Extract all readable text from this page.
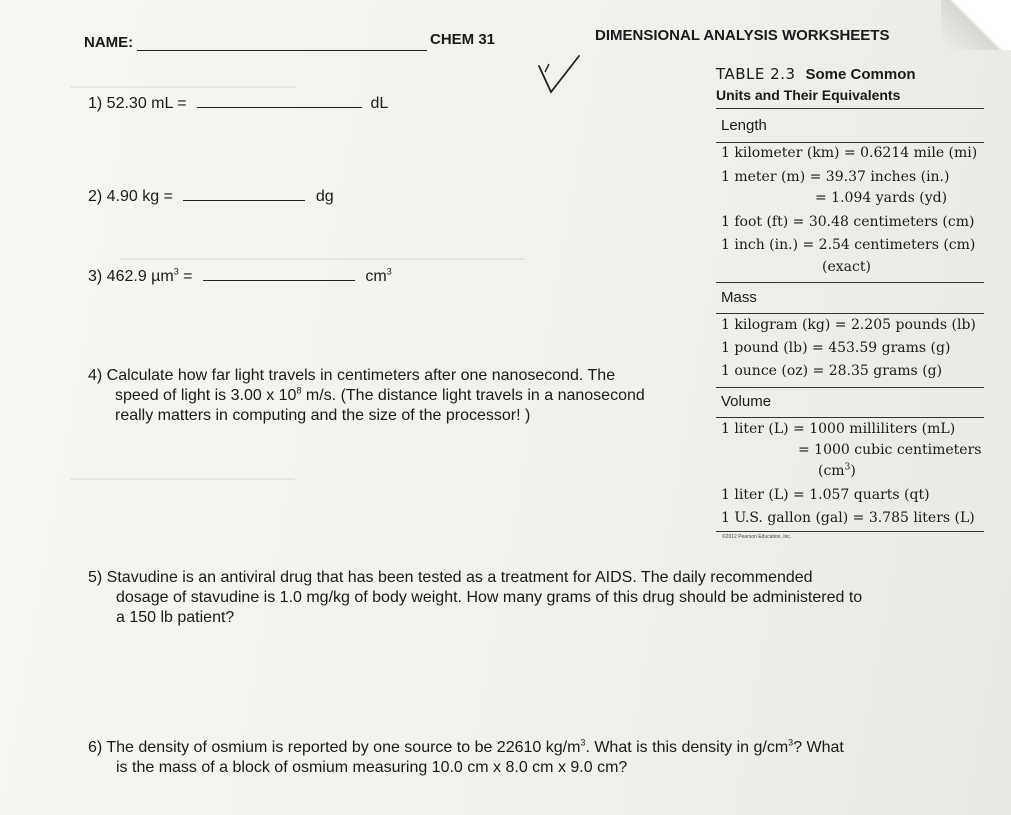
———————————————
———————————————————————————
———————————————
NAME:	CHEM 31	DIMENSIONAL ANALYSIS WORKSHEETS
1) 52.30 mL =	dL
2) 4.90 kg =	dg
3) 462.9 µm$^3$ =	$cm^3$
4) Calculate how far light travels in centimeters after one nanosecond. The
speed of light is 3.00 x $10^8$ m/s. (The distance light travels in a nanosecond
really matters in computing and the size of the processor! )
5) Stavudine is an antiviral drug that has been tested as a treatment for AIDS. The daily recommended
dosage of stavudine is 1.0 mg/kg of body weight. How many grams of this drug should be administered to
a 150 lb patient?
6) The density of osmium is reported by one source to be 22610 $kg/m^3$. What is this density in $g/cm^3$? What
is the mass of a block of osmium measuring 10.0 cm x 8.0 cm x 9.0 cm?
TABLE 2.3 Some Common
Units and Their Equivalents
Length
1 kilometer (km) = 0.6214 mile (mi)
1 meter (m) = 39.37 inches (in.)
= 1.094 yards (yd)
1 foot (ft) = 30.48 centimeters (cm)
1 inch (in.) = 2.54 centimeters (cm)
(exact)
Mass
1 kilogram (kg) = 2.205 pounds (lb)
1 pound (lb) = 453.59 grams (g)
1 ounce (oz) = 28.35 grams (g)
Volume
1 liter (L) = 1000 milliliters (mL)
= 1000 cubic centimeters
$(cm^3)$
1 liter (L) = 1.057 quarts (qt)
1 U.S. gallon (gal) = 3.785 liters (L)
©2012 Pearson Education, Inc.
